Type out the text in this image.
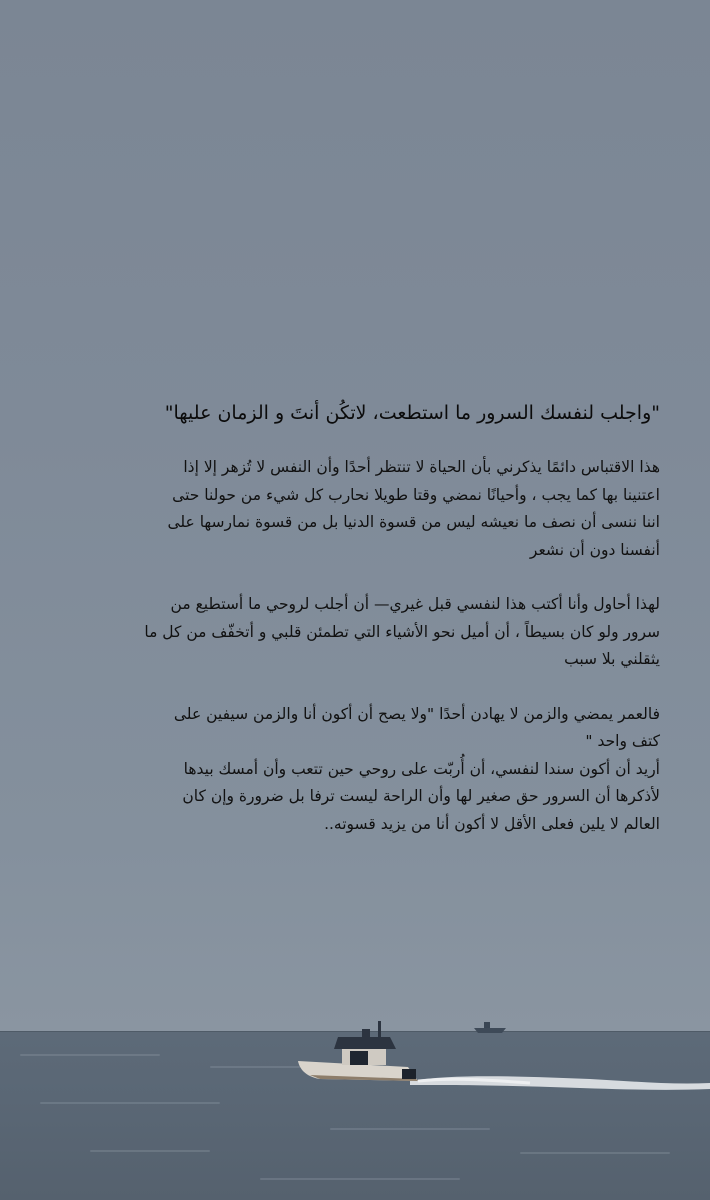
"واجلب لنفسك السرور ما استطعت، لاتكُن أنتَ و الزمان عليها"

هذا الاقتباس دائمًا يذكرني بأن الحياة لا تنتظر أحدًا وأن النفس لا تُزهر إلا إذا
اعتنينا بها كما يجب ، وأحيانًا نمضي وقتا طويلا نحارب كل شيء من حولنا حتى
اننا ننسى أن نصف ما نعيشه ليس من قسوة الدنيا بل من قسوة نمارسها على
أنفسنا دون أن نشعر

لهذا أحاول وأنا أكتب هذا لنفسي قبل غيري— أن أجلب لروحي ما أستطيع من
سرور ولو كان بسيطاً ، أن أميل نحو الأشياء التي تطمئن قلبي و أتخفّف من كل ما
يثقلني بلا سبب

فالعمر يمضي والزمن لا يهادن أحدًا "ولا يصح أن أكون أنا والزمن سيفين على
كتف واحد "
أريد أن أكون سندا لنفسي، أن أُربّت على روحي حين تتعب وأن أمسك بيدها
لأذكرها أن السرور حق صغير لها وأن الراحة ليست ترفا بل ضرورة وإن كان
العالم لا يلين فعلى الأقل لا أكون أنا من يزيد قسوته..
